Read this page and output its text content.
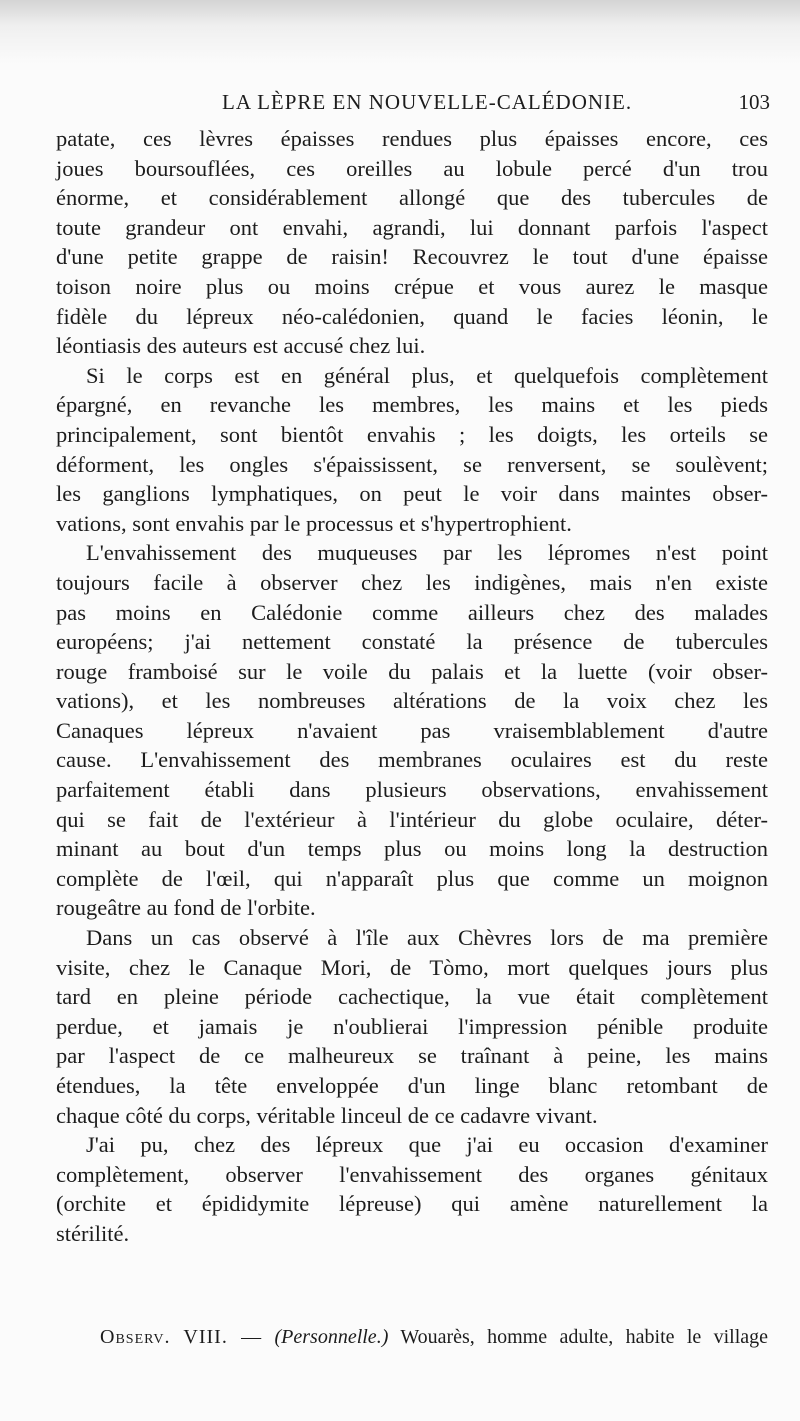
LA LÈPRE EN NOUVELLE-CALÉDONIE.	103

patate, ces lèvres épaisses rendues plus épaisses encore, ces
joues boursouflées, ces oreilles au lobule percé d'un trou
énorme, et considérablement allongé que des tubercules de
toute grandeur ont envahi, agrandi, lui donnant parfois l'aspect
d'une petite grappe de raisin! Recouvrez le tout d'une épaisse
toison noire plus ou moins crépue et vous aurez le masque
fidèle du lépreux néo-calédonien, quand le facies léonin, le
léontiasis des auteurs est accusé chez lui.

Si le corps est en général plus, et quelquefois complètement
épargné, en revanche les membres, les mains et les pieds
principalement, sont bientôt envahis ; les doigts, les orteils se
déforment, les ongles s'épaississent, se renversent, se soulèvent;
les ganglions lymphatiques, on peut le voir dans maintes obser-
vations, sont envahis par le processus et s'hypertrophient.

L'envahissement des muqueuses par les lépromes n'est point
toujours facile à observer chez les indigènes, mais n'en existe
pas moins en Calédonie comme ailleurs chez des malades
européens; j'ai nettement constaté la présence de tubercules
rouge framboisé sur le voile du palais et la luette (voir obser-
vations), et les nombreuses altérations de la voix chez les
Canaques lépreux n'avaient pas vraisemblablement d'autre
cause. L'envahissement des membranes oculaires est du reste
parfaitement établi dans plusieurs observations, envahissement
qui se fait de l'extérieur à l'intérieur du globe oculaire, déter-
minant au bout d'un temps plus ou moins long la destruction
complète de l'œil, qui n'apparaît plus que comme un moignon
rougeâtre au fond de l'orbite.

Dans un cas observé à l'île aux Chèvres lors de ma première
visite, chez le Canaque Mori, de Tòmo, mort quelques jours plus
tard en pleine période cachectique, la vue était complètement
perdue, et jamais je n'oublierai l'impression pénible produite
par l'aspect de ce malheureux se traînant à peine, les mains
étendues, la tête enveloppée d'un linge blanc retombant de
chaque côté du corps, véritable linceul de ce cadavre vivant.

J'ai pu, chez des lépreux que j'ai eu occasion d'examiner
complètement, observer l'envahissement des organes génitaux
(orchite et épididymite lépreuse) qui amène naturellement la
stérilité.

Observ. VIII. — (Personnelle.) Wouarès, homme adulte, habite le village
